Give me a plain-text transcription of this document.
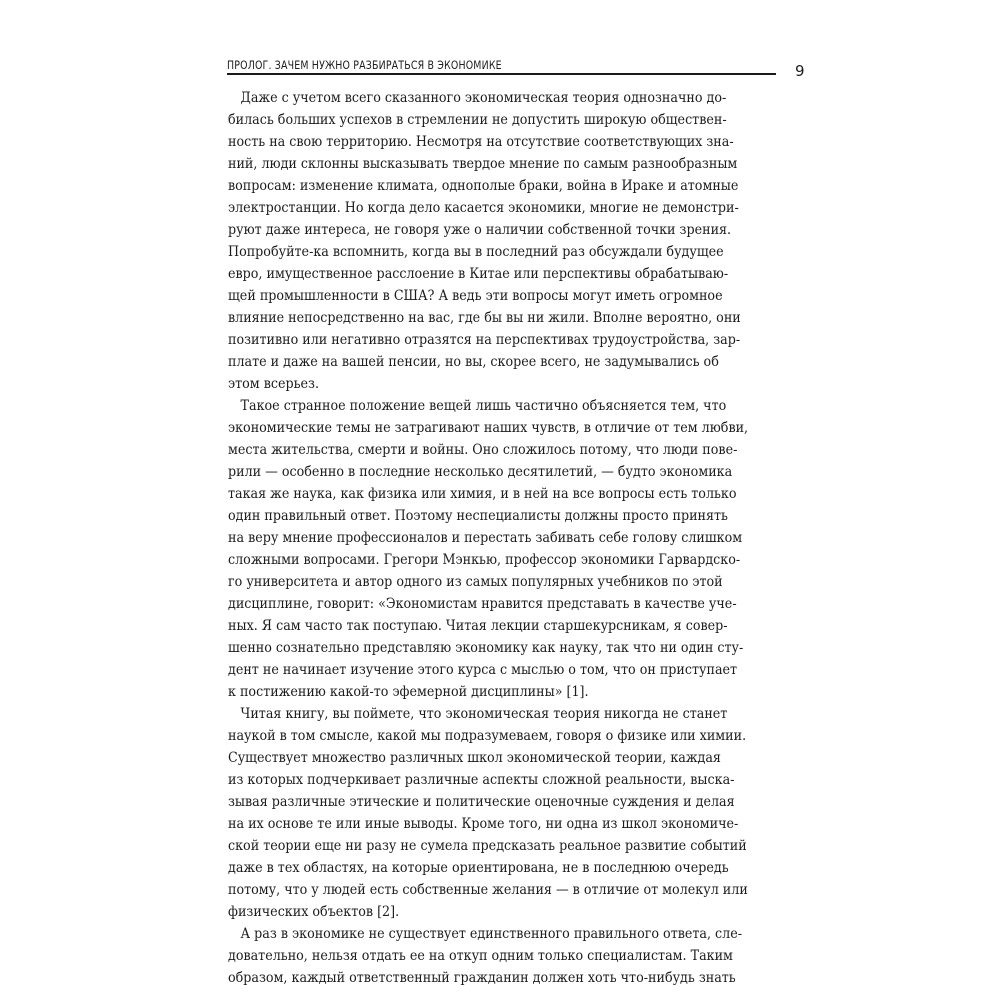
ПРОЛОГ. ЗАЧЕМ НУЖНО РАЗБИРАТЬСЯ В ЭКОНОМИКЕ	9
Даже с учетом всего сказанного экономическая теория однозначно до-
билась больших успехов в стремлении не допустить широкую обществен-
ность на свою территорию. Несмотря на отсутствие соответствующих зна-
ний, люди склонны высказывать твердое мнение по самым разнообразным
вопросам: изменение климата, однополые браки, война в Ираке и атомные
электростанции. Но когда дело касается экономики, многие не демонстри-
руют даже интереса, не говоря уже о наличии собственной точки зрения.
Попробуйте-ка вспомнить, когда вы в последний раз обсуждали будущее
евро, имущественное расслоение в Китае или перспективы обрабатываю-
щей промышленности в США? А ведь эти вопросы могут иметь огромное
влияние непосредственно на вас, где бы вы ни жили. Вполне вероятно, они
позитивно или негативно отразятся на перспективах трудоустройства, зар-
плате и даже на вашей пенсии, но вы, скорее всего, не задумывались об
этом всерьез.
Такое странное положение вещей лишь частично объясняется тем, что
экономические темы не затрагивают наших чувств, в отличие от тем любви,
места жительства, смерти и войны. Оно сложилось потому, что люди пове-
рили — особенно в последние несколько десятилетий, — будто экономика
такая же наука, как физика или химия, и в ней на все вопросы есть только
один правильный ответ. Поэтому неспециалисты должны просто принять
на веру мнение профессионалов и перестать забивать себе голову слишком
сложными вопросами. Грегори Мэнкью, профессор экономики Гарвардско-
го университета и автор одного из самых популярных учебников по этой
дисциплине, говорит: «Экономистам нравится представать в качестве уче-
ных. Я сам часто так поступаю. Читая лекции старшекурсникам, я совер-
шенно сознательно представляю экономику как науку, так что ни один сту-
дент не начинает изучение этого курса с мыслью о том, что он приступает
к постижению какой-то эфемерной дисциплины» [1].
Читая книгу, вы поймете, что экономическая теория никогда не станет
наукой в том смысле, какой мы подразумеваем, говоря о физике или химии.
Существует множество различных школ экономической теории, каждая
из которых подчеркивает различные аспекты сложной реальности, выска-
зывая различные этические и политические оценочные суждения и делая
на их основе те или иные выводы. Кроме того, ни одна из школ экономиче-
ской теории еще ни разу не сумела предсказать реальное развитие событий
даже в тех областях, на которые ориентирована, не в последнюю очередь
потому, что у людей есть собственные желания — в отличие от молекул или
физических объектов [2].
А раз в экономике не существует единственного правильного ответа, сле-
довательно, нельзя отдать ее на откуп одним только специалистам. Таким
образом, каждый ответственный гражданин должен хоть что-нибудь знать
